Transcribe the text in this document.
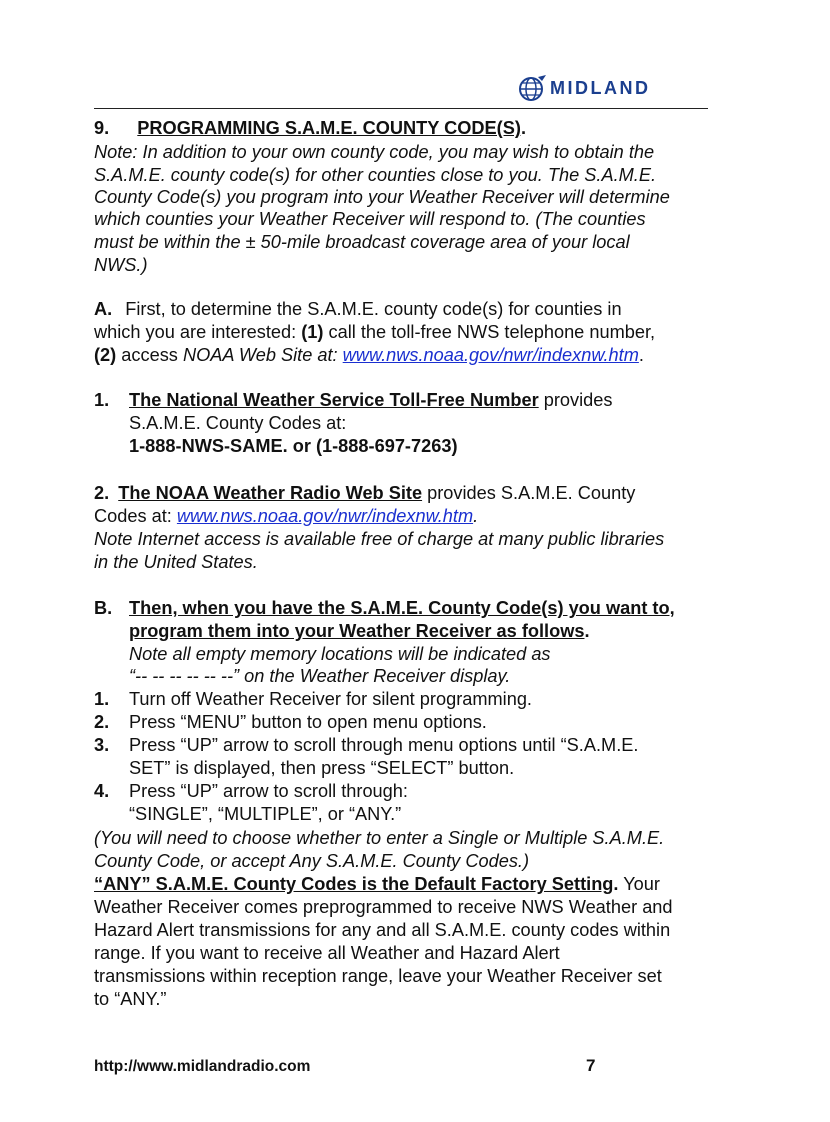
MIDLAND
9. PROGRAMMING S.A.M.E. COUNTY CODE(S).
Note: In addition to your own county code, you may wish to obtain the
S.A.M.E. county code(s) for other counties close to you. The S.A.M.E.
County Code(s) you program into your Weather Receiver will determine
which counties your Weather Receiver will respond to. (The counties
must be within the ± 50-mile broadcast coverage area of your local
NWS.)
A. First, to determine the S.A.M.E. county code(s) for counties in
which you are interested: (1) call the toll-free NWS telephone number,
(2) access NOAA Web Site at: www.nws.noaa.gov/nwr/indexnw.htm.
1. The National Weather Service Toll-Free Number provides
S.A.M.E. County Codes at:
1-888-NWS-SAME. or (1-888-697-7263)
2. The NOAA Weather Radio Web Site provides S.A.M.E. County
Codes at: www.nws.noaa.gov/nwr/indexnw.htm.
Note Internet access is available free of charge at many public libraries
in the United States.
B. Then, when you have the S.A.M.E. County Code(s) you want to,
program them into your Weather Receiver as follows.
Note all empty memory locations will be indicated as
“-- -- -- -- -- --” on the Weather Receiver display.
1. Turn off Weather Receiver for silent programming.
2. Press “MENU” button to open menu options.
3. Press “UP” arrow to scroll through menu options until “S.A.M.E.
SET” is displayed, then press “SELECT” button.
4. Press “UP” arrow to scroll through:
“SINGLE”, “MULTIPLE”, or “ANY.”
(You will need to choose whether to enter a Single or Multiple S.A.M.E.
County Code, or accept Any S.A.M.E. County Codes.)
“ANY” S.A.M.E. County Codes is the Default Factory Setting. Your
Weather Receiver comes preprogrammed to receive NWS Weather and
Hazard Alert transmissions for any and all S.A.M.E. county codes within
range. If you want to receive all Weather and Hazard Alert
transmissions within reception range, leave your Weather Receiver set
to “ANY.”
http://www.midlandradio.com	7
